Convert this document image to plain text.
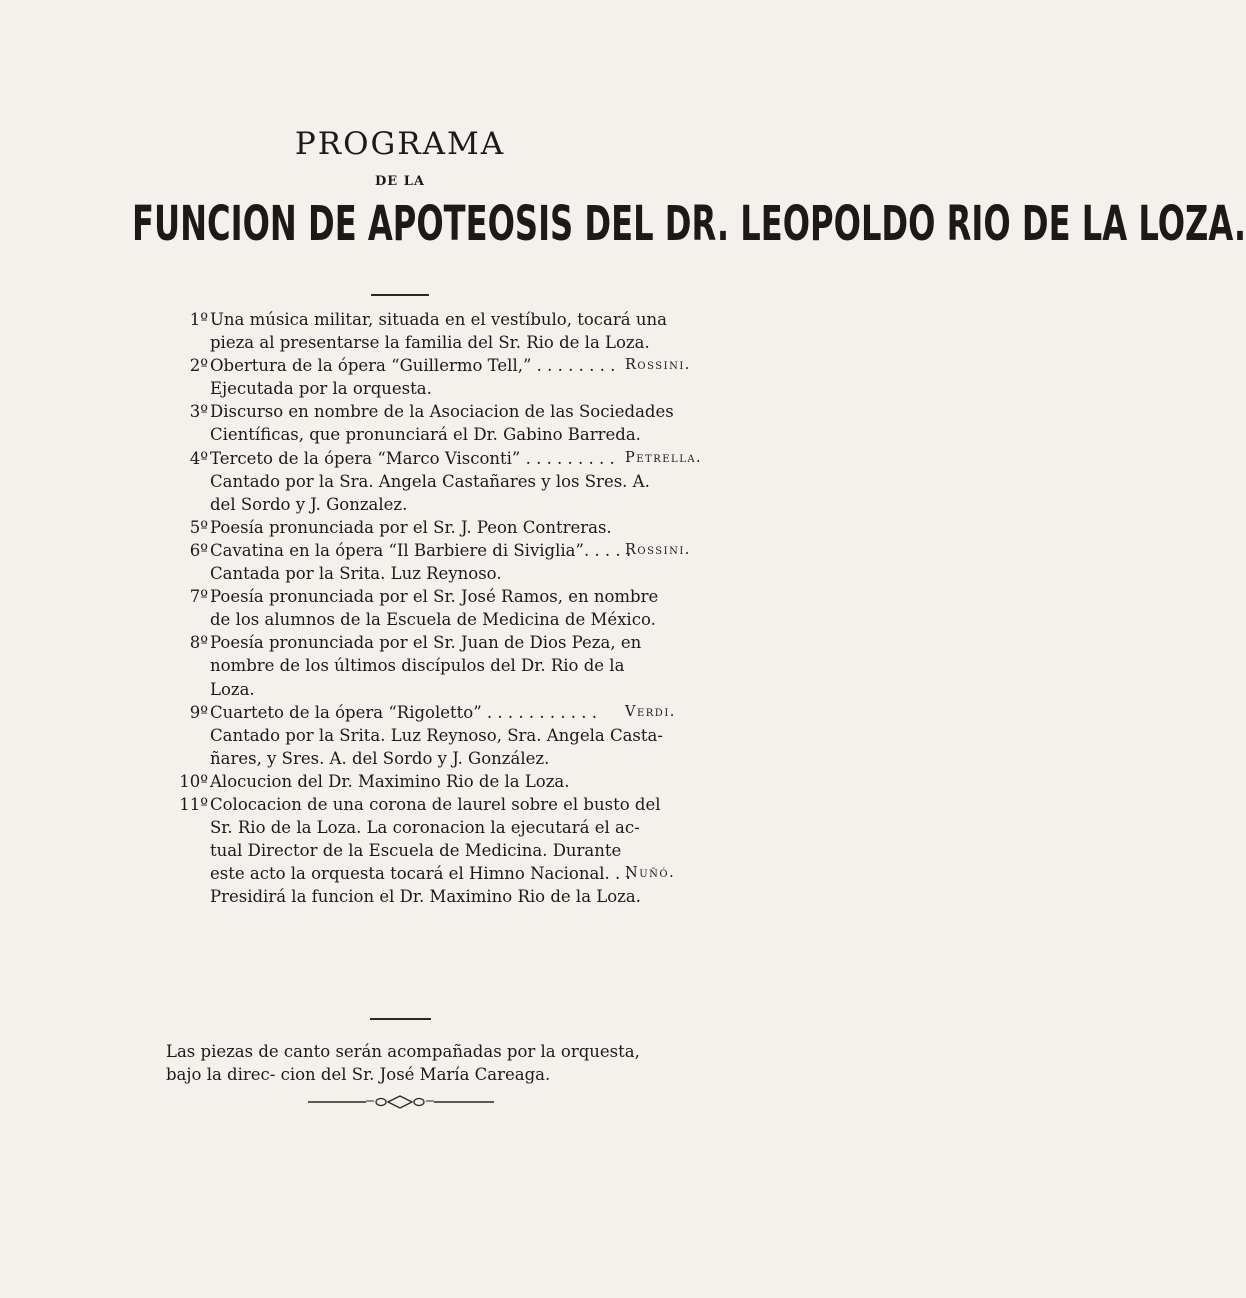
PROGRAMA
DE LA
FUNCION DE APOTEOSIS DEL DR. LEOPOLDO RIO DE LA LOZA.
1º Una música militar, situada en el vestíbulo, tocará una
pieza al presentarse la familia del Sr. Rio de la Loza.
2º Obertura de la ópera “Guillermo Tell,” . . . . . . . . Rossini.
Ejecutada por la orquesta.
3º Discurso en nombre de la Asociacion de las Sociedades
Científicas, que pronunciará el Dr. Gabino Barreda.
4º Terceto de la ópera “Marco Visconti” . . . . . . . . . Petrella.
Cantado por la Sra. Angela Castañares y los Sres. A.
del Sordo y J. Gonzalez.
5º Poesía pronunciada por el Sr. J. Peon Contreras.
6º Cavatina en la ópera “Il Barbiere di Siviglia”. . . . .
Rossini.
Cantada por la Srita. Luz Reynoso.
7º Poesía pronunciada por el Sr. José Ramos, en nombre
de los alumnos de la Escuela de Medicina de México.
8º Poesía pronunciada por el Sr. Juan de Dios Peza, en
nombre de los últimos discípulos del Dr. Rio de la
Loza.
9º Cuarteto de la ópera “Rigoletto” . . . . . . . . . . . Verdi.
Cantado por la Srita. Luz Reynoso, Sra. Angela Casta-
ñares, y Sres. A. del Sordo y J. González.
10º Alocucion del Dr. Maximino Rio de la Loza.
11º Colocacion de una corona de laurel sobre el busto del
Sr. Rio de la Loza. La coronacion la ejecutará el ac-
tual Director de la Escuela de Medicina. Durante
este acto la orquesta tocará el Himno Nacional. . .
Nuñó.
Presidirá la funcion el Dr. Maximino Rio de la Loza.
Las piezas de canto serán acompañadas por la orquesta, bajo la direc- cion del Sr. José María Careaga.
